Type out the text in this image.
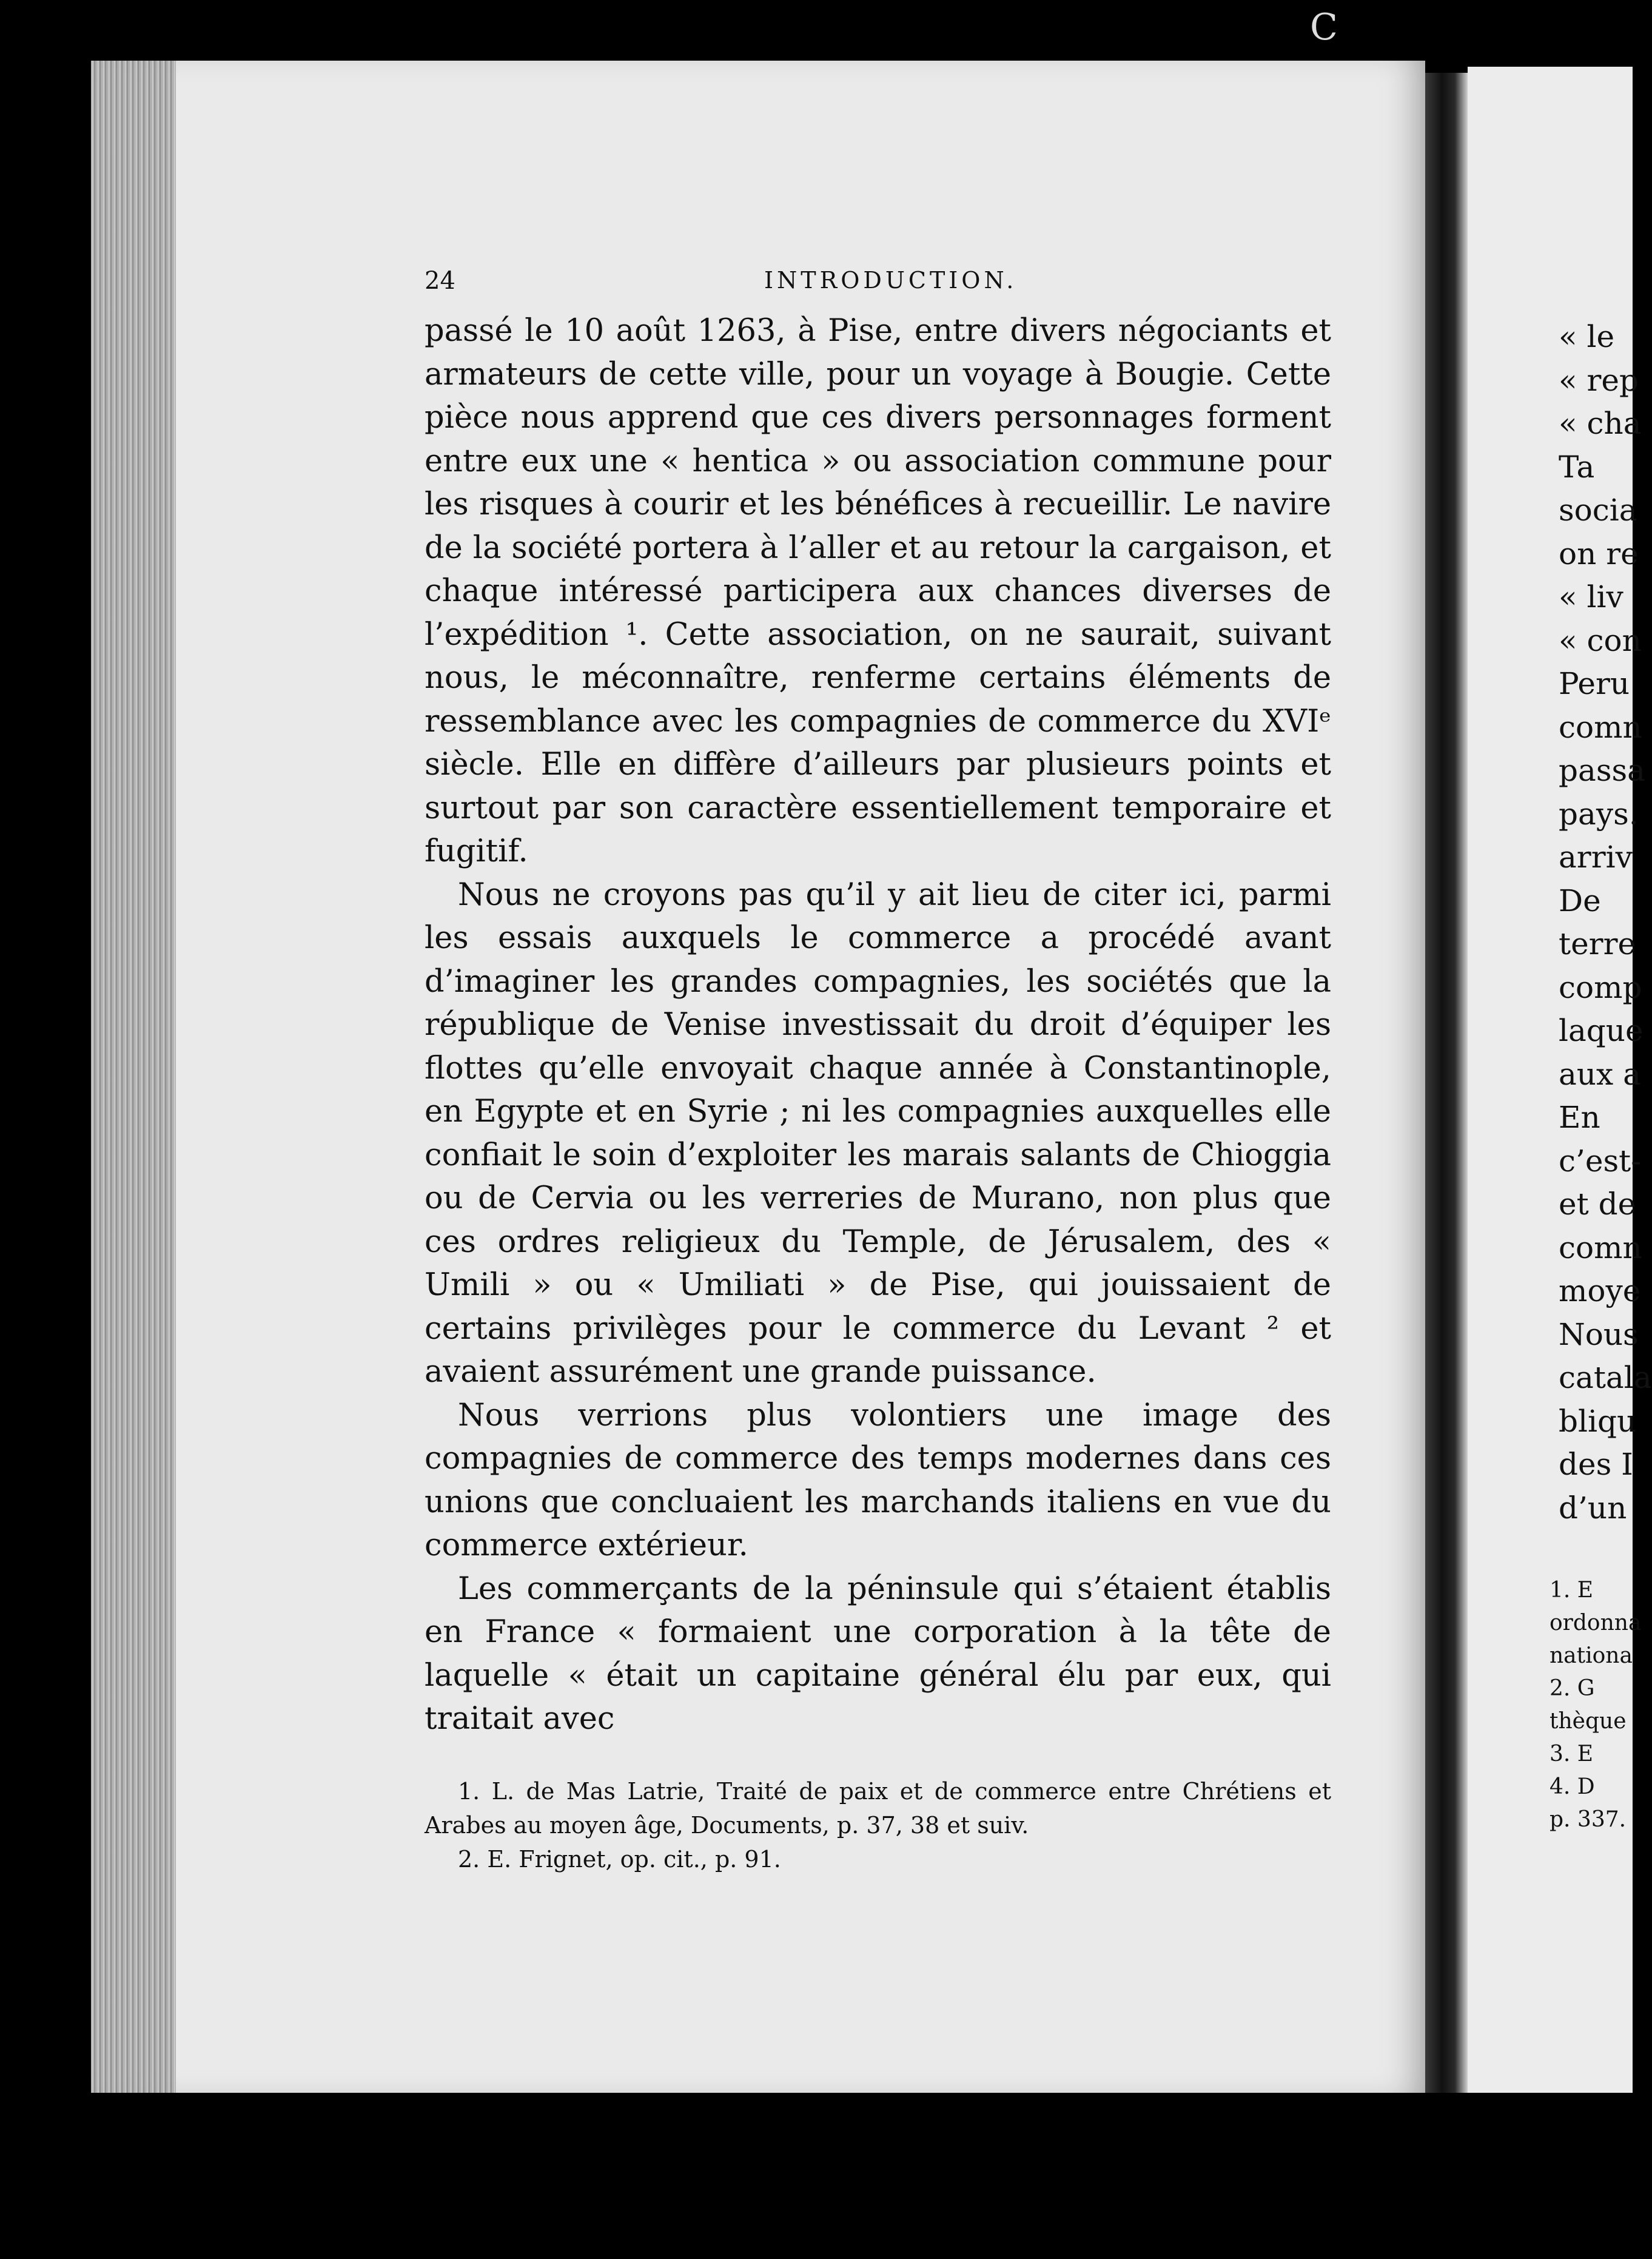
C
24	INTRODUCTION.

passé le 10 août 1263, à Pise, entre divers négociants et armateurs de cette ville, pour un voyage à Bougie. Cette pièce nous apprend que ces divers personnages forment entre eux une « hentica » ou association commune pour les risques à courir et les bénéfices à recueillir. Le navire de la société portera à l’aller et au retour la cargaison, et chaque intéressé participera aux chances diverses de l’expédition ¹. Cette association, on ne saurait, suivant nous, le méconnaître, renferme certains éléments de ressemblance avec les compagnies de commerce du XVIᵉ siècle. Elle en diffère d’ailleurs par plusieurs points et surtout par son caractère essentiellement temporaire et fugitif.

Nous ne croyons pas qu’il y ait lieu de citer ici, parmi les essais auxquels le commerce a procédé avant d’imaginer les grandes compagnies, les sociétés que la république de Venise investissait du droit d’équiper les flottes qu’elle envoyait chaque année à Constantinople, en Egypte et en Syrie ; ni les compagnies auxquelles elle confiait le soin d’exploiter les marais salants de Chioggia ou de Cervia ou les verreries de Murano, non plus que ces ordres religieux du Temple, de Jérusalem, des « Umili » ou « Umiliati » de Pise, qui jouissaient de certains privilèges pour le commerce du Levant ² et avaient assurément une grande puissance.

Nous verrions plus volontiers une image des compagnies de commerce des temps modernes dans ces unions que concluaient les marchands italiens en vue du commerce extérieur.

Les commerçants de la péninsule qui s’étaient établis en France « formaient une corporation à la tête de laquelle « était un capitaine général élu par eux, qui traitait avec

1. L. de Mas Latrie, Traité de paix et de commerce entre Chrétiens et Arabes au moyen âge, Documents, p. 37, 38 et suiv.

2. E. Frignet, op. cit., p. 91.

« le
« rep
« cha
Ta
socia
on re
« liv
« con
Peru
comn
passa
pays.
arriv
De
terre
comp
laque
aux a
En
c’est-
et de
comn
moye
Nous
catala
bliqu
des I
d’un
1. E
ordonna
nationa
2. G
thèque
3. E
4. D
p. 337.
